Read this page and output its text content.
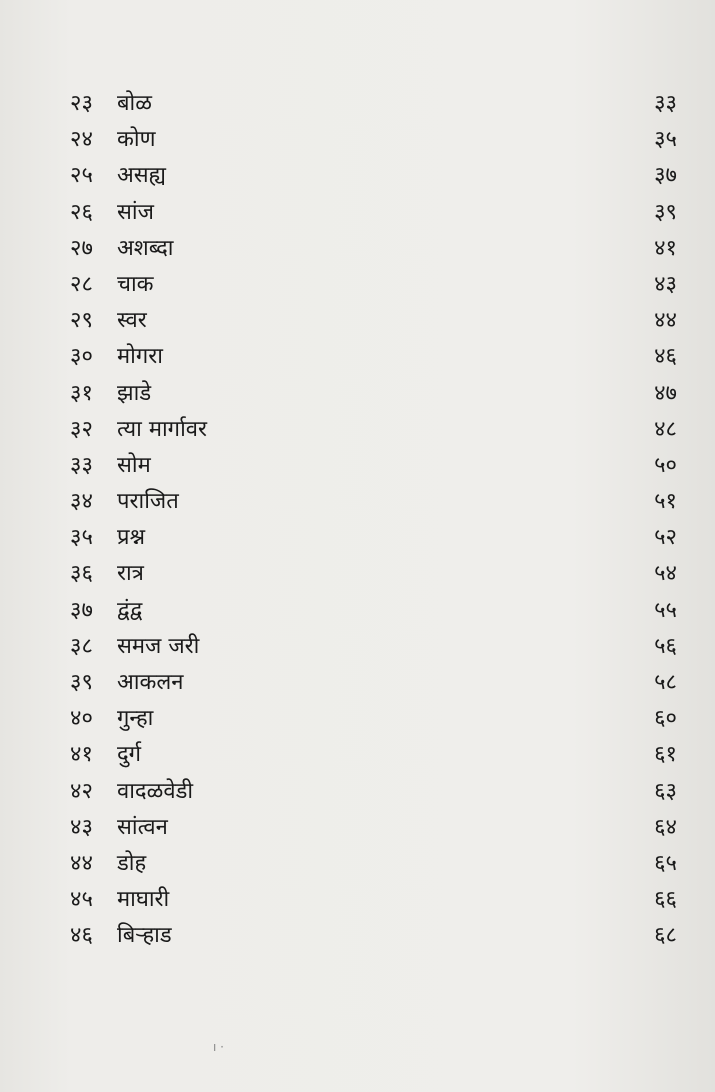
२३ बोळ	३३
२४ कोण	३५
२५ असह्य	३७
२६ सांज	३९
२७ अशब्दा	४१
२८ चाक	४३
२९ स्वर	४४
३० मोगरा	४६
३१ झाडे	४७
३२ त्या मार्गावर	४८
३३ सोम	५०
३४ पराजित	५१
३५ प्रश्न	५२
३६ रात्र	५४
३७ द्वंद्व	५५
३८ समज जरी	५६
३९ आकलन	५८
४० गुन्हा	६०
४१ दुर्ग	६१
४२ वादळवेडी	६३
४३ सांत्वन	६४
४४ डोह	६५
४५ माघारी	६६
४६ बिऱ्हाड	६८
ı ·
